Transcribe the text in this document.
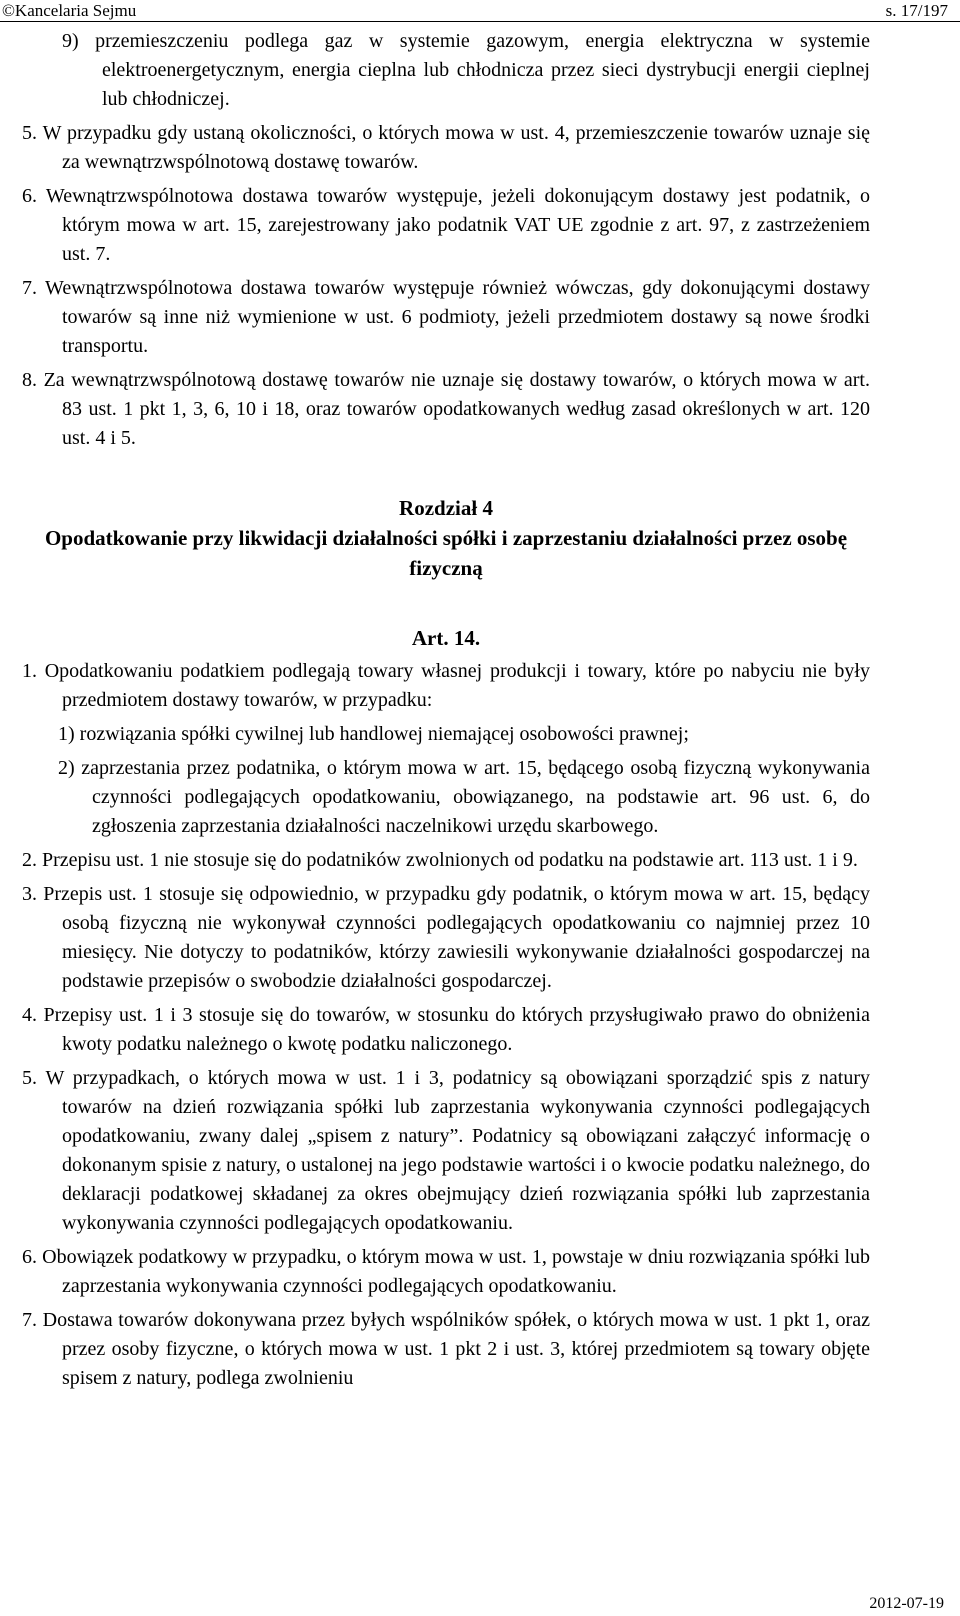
©Kancelaria Sejmu	s. 17/197

9) przemieszczeniu podlega gaz w systemie gazowym, energia elektryczna w systemie elektroenergetycznym, energia cieplna lub chłodnicza przez sieci dystrybucji energii cieplnej lub chłodniczej.

5. W przypadku gdy ustaną okoliczności, o których mowa w ust. 4, przemieszczenie towarów uznaje się za wewnątrzwspólnotową dostawę towarów.

6. Wewnątrzwspólnotowa dostawa towarów występuje, jeżeli dokonującym dostawy jest podatnik, o którym mowa w art. 15, zarejestrowany jako podatnik VAT UE zgodnie z art. 97, z zastrzeżeniem ust. 7.

7. Wewnątrzwspólnotowa dostawa towarów występuje również wówczas, gdy dokonującymi dostawy towarów są inne niż wymienione w ust. 6 podmioty, jeżeli przedmiotem dostawy są nowe środki transportu.

8. Za wewnątrzwspólnotową dostawę towarów nie uznaje się dostawy towarów, o których mowa w art. 83 ust. 1 pkt 1, 3, 6, 10 i 18, oraz towarów opodatkowanych według zasad określonych w art. 120 ust. 4 i 5.

Rozdział 4
Opodatkowanie przy likwidacji działalności spółki i zaprzestaniu działalności przez osobę fizyczną
Art. 14.

1. Opodatkowaniu podatkiem podlegają towary własnej produkcji i towary, które po nabyciu nie były przedmiotem dostawy towarów, w przypadku:

1) rozwiązania spółki cywilnej lub handlowej niemającej osobowości prawnej;

2) zaprzestania przez podatnika, o którym mowa w art. 15, będącego osobą fizyczną wykonywania czynności podlegających opodatkowaniu, obowiązanego, na podstawie art. 96 ust. 6, do zgłoszenia zaprzestania działalności naczelnikowi urzędu skarbowego.

2. Przepisu ust. 1 nie stosuje się do podatników zwolnionych od podatku na podstawie art. 113 ust. 1 i 9.

3. Przepis ust. 1 stosuje się odpowiednio, w przypadku gdy podatnik, o którym mowa w art. 15, będący osobą fizyczną nie wykonywał czynności podlegających opodatkowaniu co najmniej przez 10 miesięcy. Nie dotyczy to podatników, którzy zawiesili wykonywanie działalności gospodarczej na podstawie przepisów o swobodzie działalności gospodarczej.

4. Przepisy ust. 1 i 3 stosuje się do towarów, w stosunku do których przysługiwało prawo do obniżenia kwoty podatku należnego o kwotę podatku naliczonego.

5. W przypadkach, o których mowa w ust. 1 i 3, podatnicy są obowiązani sporządzić spis z natury towarów na dzień rozwiązania spółki lub zaprzestania wykonywania czynności podlegających opodatkowaniu, zwany dalej „spisem z natury”. Podatnicy są obowiązani załączyć informację o dokonanym spisie z natury, o ustalonej na jego podstawie wartości i o kwocie podatku należnego, do deklaracji podatkowej składanej za okres obejmujący dzień rozwiązania spółki lub zaprzestania wykonywania czynności podlegających opodatkowaniu.

6. Obowiązek podatkowy w przypadku, o którym mowa w ust. 1, powstaje w dniu rozwiązania spółki lub zaprzestania wykonywania czynności podlegających opodatkowaniu.

7. Dostawa towarów dokonywana przez byłych wspólników spółek, o których mowa w ust. 1 pkt 1, oraz przez osoby fizyczne, o których mowa w ust. 1 pkt 2 i ust. 3, której przedmiotem są towary objęte spisem z natury, podlega zwolnieniu

2012-07-19
